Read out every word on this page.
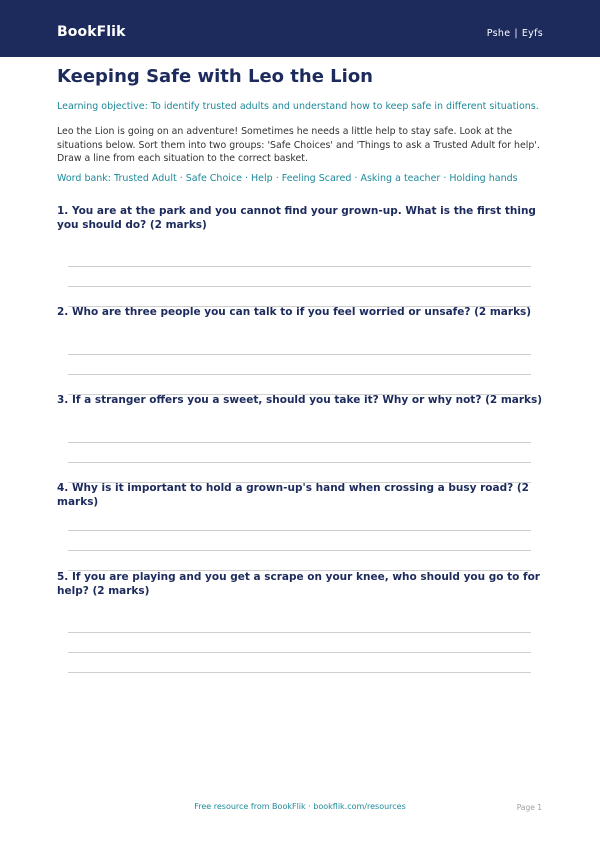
BookFlik	Pshe | Eyfs
Keeping Safe with Leo the Lion

Learning objective: To identify trusted adults and understand how to keep safe in different situations.

Leo the Lion is going on an adventure! Sometimes he needs a little help to stay safe. Look at the situations below. Sort them into two groups: 'Safe Choices' and 'Things to ask a Trusted Adult for help'. Draw a line from each situation to the correct basket.

Word bank: Trusted Adult · Safe Choice · Help · Feeling Scared · Asking a teacher · Holding hands

1. You are at the park and you cannot find your grown-up. What is the first thing you should do? (2 marks)
2. Who are three people you can talk to if you feel worried or unsafe? (2 marks)
3. If a stranger offers you a sweet, should you take it? Why or why not? (2 marks)
4. Why is it important to hold a grown-up's hand when crossing a busy road? (2 marks)
5. If you are playing and you get a scrape on your knee, who should you go to for help? (2 marks)
Free resource from BookFlik · bookflik.com/resources	Page 1
